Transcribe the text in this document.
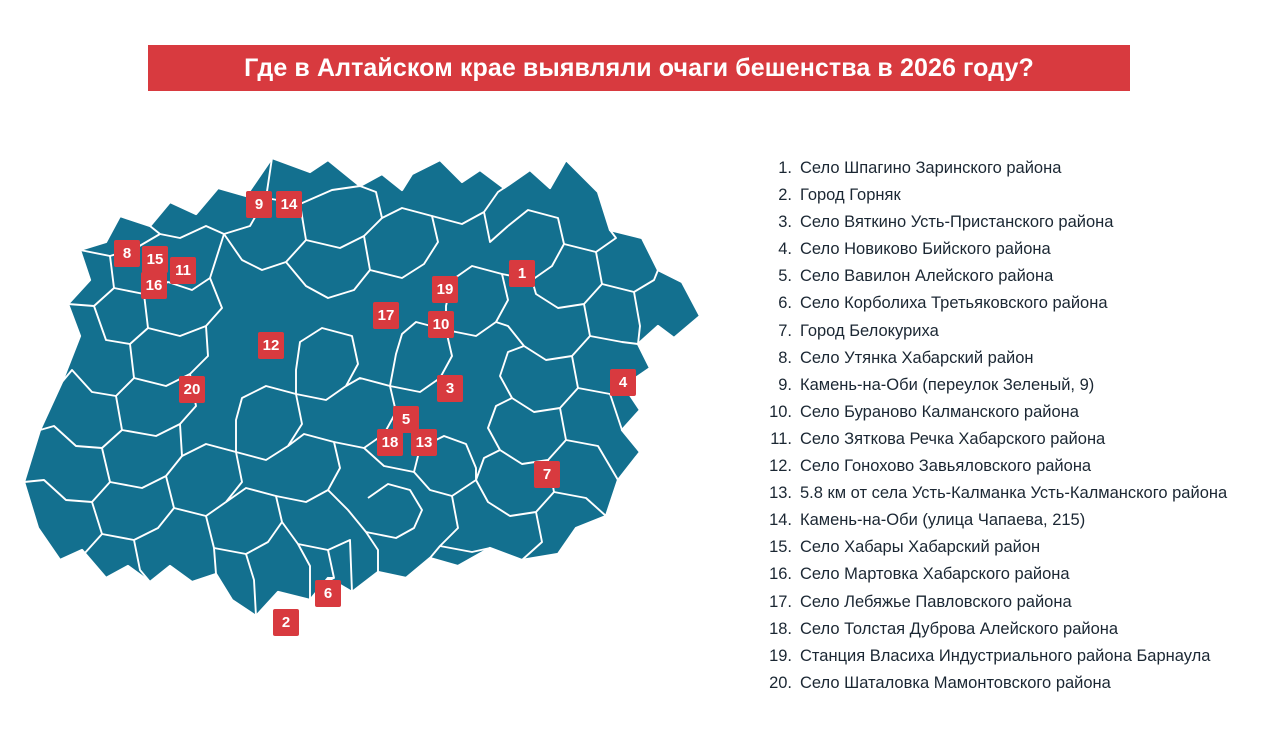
Где в Алтайском крае выявляли очаги бешенства в 2026 году?
1
2
3	4
5
6
7
8
9
10
11
12
13
14
15
16
17
18
19
20
1. Село Шпагино Заринского района
2. Город Горняк
3. Село Вяткино Усть-Пристанского района
4. Село Новиково Бийского района
5. Село Вавилон Алейского района
6. Село Корболиха Третьяковского района
7. Город Белокуриха
8. Село Утянка Хабарский район
9. Камень-на-Оби (переулок Зеленый, 9)
10. Село Бураново Калманского района
11. Село Зяткова Речка Хабарского района
12. Село Гонохово Завьяловского района
13. 5.8 км от села Усть-Калманка Усть-Калманского района
14. Камень-на-Оби (улица Чапаева, 215)
15. Село Хабары Хабарский район
16. Село Мартовка Хабарского района
17. Село Лебяжье Павловского района
18. Село Толстая Дуброва Алейского района
19. Станция Власиха Индустриального района Барнаула
20. Село Шаталовка Мамонтовского района
